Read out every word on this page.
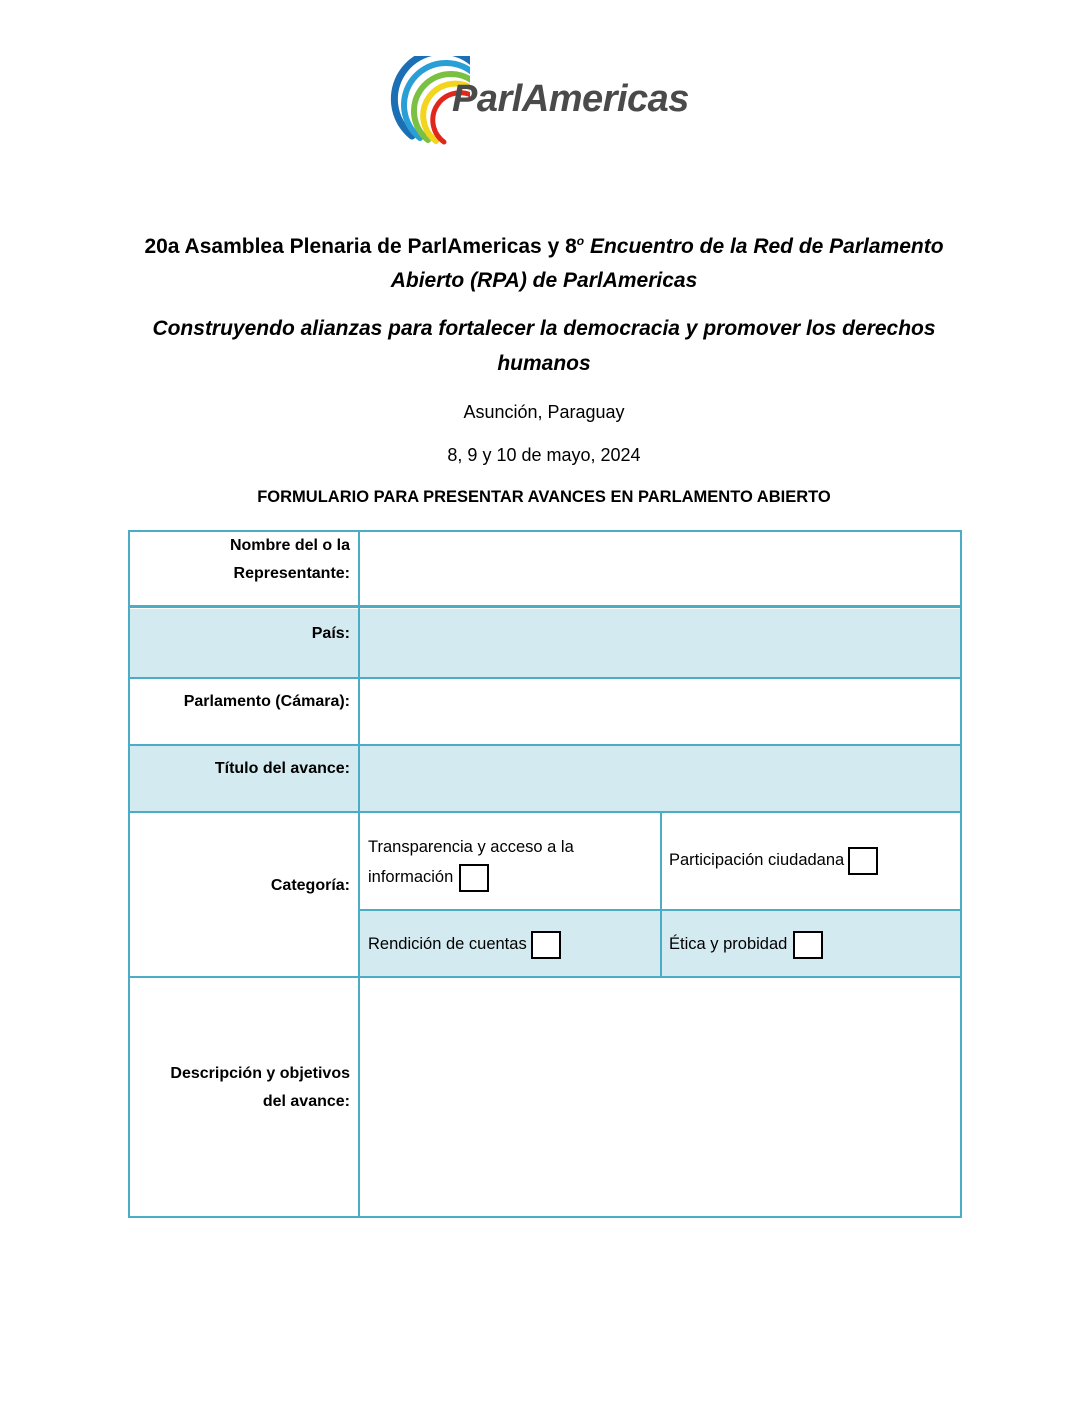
ParlAmericas
20a Asamblea Plenaria de ParlAmericas y 8$^o$ Encuentro de la Red de Parlamento Abierto (RPA) de ParlAmericas
Construyendo alianzas para fortalecer la democracia y promover los derechos humanos
Asunción, Paraguay
8, 9 y 10 de mayo, 2024
FORMULARIO PARA PRESENTAR AVANCES EN PARLAMENTO ABIERTO
Nombre del o la
Representante:
País:
Parlamento (Cámara):
Título del avance:
Categoría:
Descripción y objetivos
del avance:
Transparencia y acceso a la
información
Participación ciudadana
Rendición de cuentas	Ética y probidad
